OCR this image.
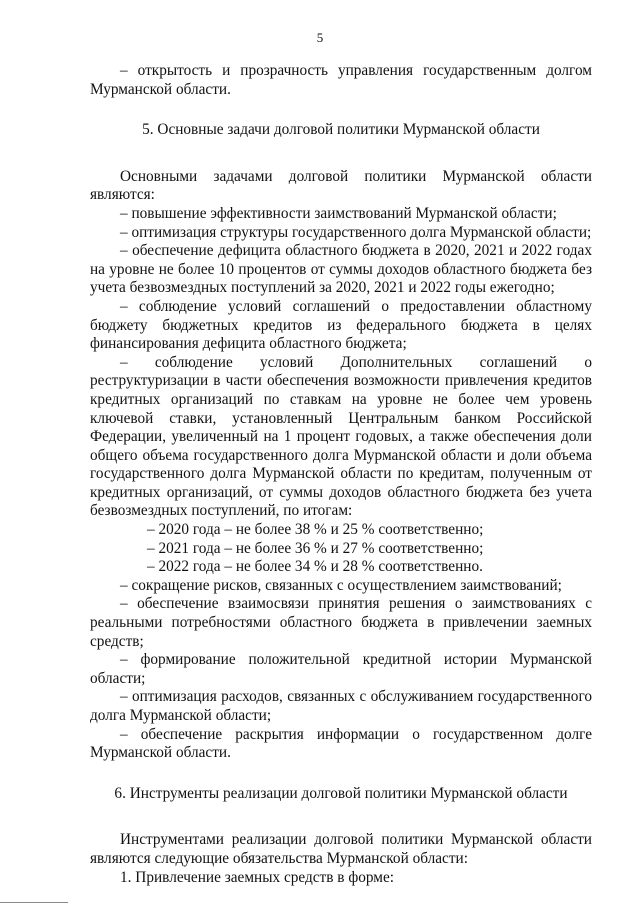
5

– открытость и прозрачность управления государственным долгом Мурманской области.

5. Основные задачи долговой политики Мурманской области

Основными задачами долговой политики Мурманской области являются:

– повышение эффективности заимствований Мурманской области;

– оптимизация структуры государственного долга Мурманской области;

– обеспечение дефицита областного бюджета в 2020, 2021 и 2022 годах на уровне не более 10 процентов от суммы доходов областного бюджета без учета безвозмездных поступлений за 2020, 2021 и 2022 годы ежегодно;

– соблюдение условий соглашений о предоставлении областному бюджету бюджетных кредитов из федерального бюджета в целях финансирования дефицита областного бюджета;

– соблюдение условий Дополнительных соглашений о реструктуризации в части обеспечения возможности привлечения кредитов кредитных организаций по ставкам на уровне не более чем уровень ключевой ставки, установленный Центральным банком Российской Федерации, увеличенный на 1 процент годовых, а также обеспечения доли общего объема государственного долга Мурманской области и доли объема государственного долга Мурманской области по кредитам, полученным от кредитных организаций, от суммы доходов областного бюджета без учета безвозмездных поступлений, по итогам:

– 2020 года – не более 38 % и 25 % соответственно;

– 2021 года – не более 36 % и 27 % соответственно;

– 2022 года – не более 34 % и 28 % соответственно.

– сокращение рисков, связанных с осуществлением заимствований;

– обеспечение взаимосвязи принятия решения о заимствованиях с реальными потребностями областного бюджета в привлечении заемных средств;

– формирование положительной кредитной истории Мурманской области;

– оптимизация расходов, связанных с обслуживанием государственного долга Мурманской области;

– обеспечение раскрытия информации о государственном долге Мурманской области.

6. Инструменты реализации долговой политики Мурманской области

Инструментами реализации долговой политики Мурманской области являются следующие обязательства Мурманской области:

1. Привлечение заемных средств в форме:
